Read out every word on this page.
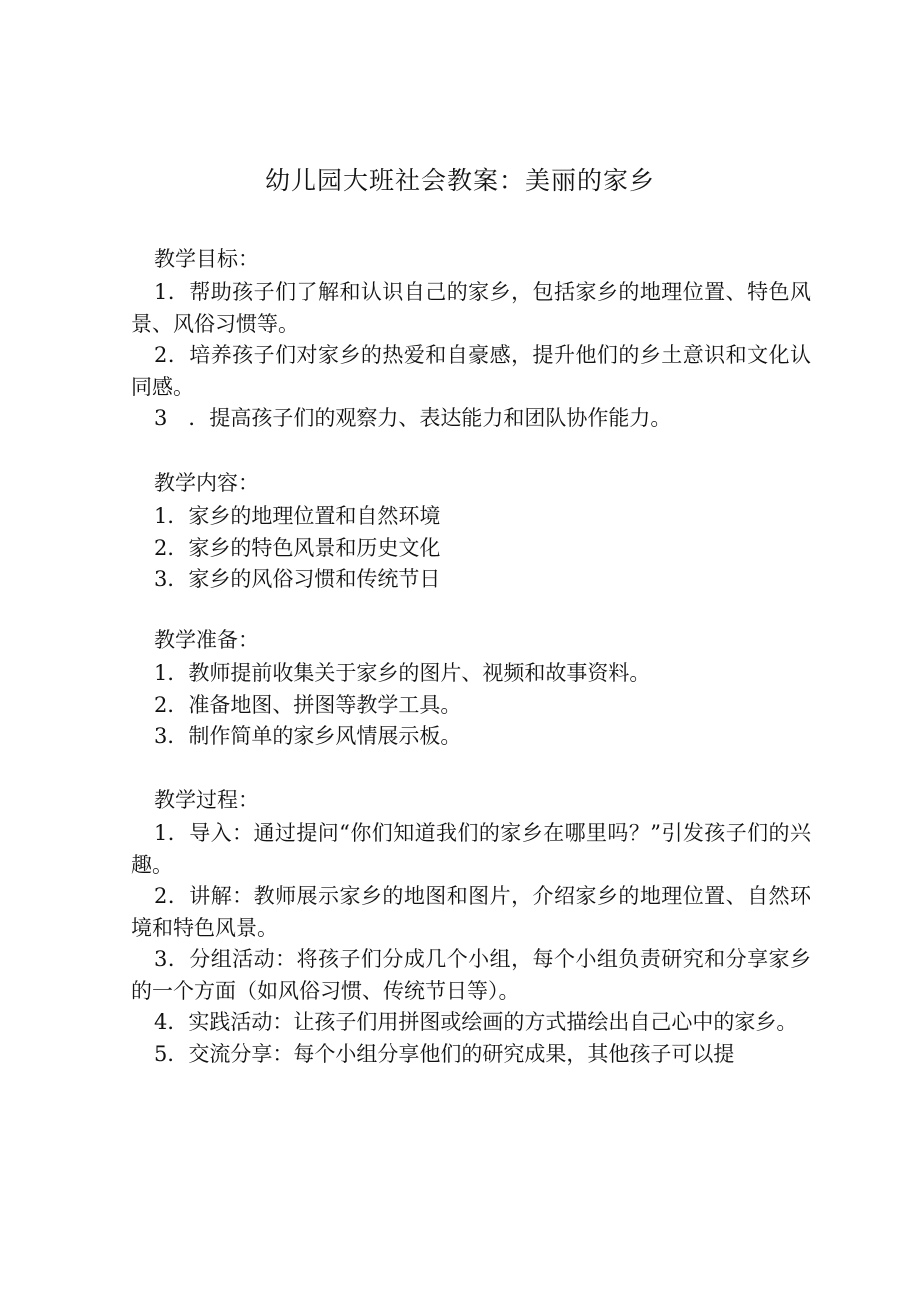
幼儿园大班社会教案：美丽的家乡
教学目标：
1．帮助孩子们了解和认识自己的家乡，包括家乡的地理位置、特色风景、风俗习惯等。
2．培养孩子们对家乡的热爱和自豪感，提升他们的乡土意识和文化认同感。
3　．提高孩子们的观察力、表达能力和团队协作能力。
教学内容：
1．家乡的地理位置和自然环境
2．家乡的特色风景和历史文化
3．家乡的风俗习惯和传统节日
教学准备：
1．教师提前收集关于家乡的图片、视频和故事资料。
2．准备地图、拼图等教学工具。
3．制作简单的家乡风情展示板。
教学过程：
1．导入：通过提问“你们知道我们的家乡在哪里吗？”引发孩子们的兴趣。
2．讲解：教师展示家乡的地图和图片，介绍家乡的地理位置、自然环境和特色风景。
3．分组活动：将孩子们分成几个小组，每个小组负责研究和分享家乡的一个方面（如风俗习惯、传统节日等）。
4．实践活动：让孩子们用拼图或绘画的方式描绘出自己心中的家乡。
5．交流分享：每个小组分享他们的研究成果，其他孩子可以提
